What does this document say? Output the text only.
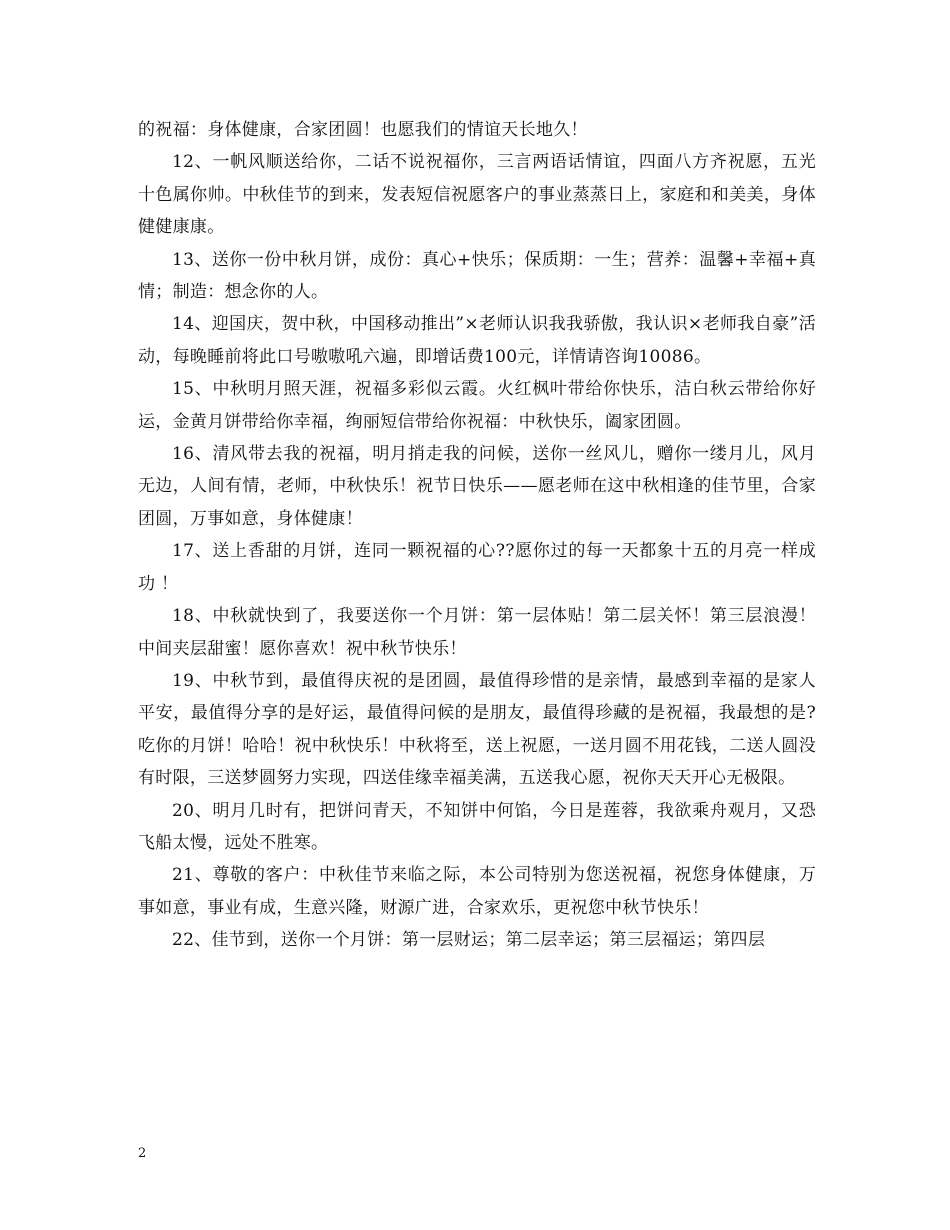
的祝福：身体健康，合家团圆！也愿我们的情谊天长地久！

12、一帆风顺送给你，二话不说祝福你，三言两语话情谊，四面八方齐祝愿，五光十色属你帅。中秋佳节的到来，发表短信祝愿客户的事业蒸蒸日上，家庭和和美美，身体健健康康。

13、送你一份中秋月饼，成份：真心+快乐；保质期：一生；营养：温馨+幸福+真情；制造：想念你的人。

14、迎国庆，贺中秋，中国移动推出”×老师认识我我骄傲，我认识×老师我自豪”活动，每晚睡前将此口号嗷嗷吼六遍，即增话费100元，详情请咨询10086。

15、中秋明月照天涯，祝福多彩似云霞。火红枫叶带给你快乐，洁白秋云带给你好运，金黄月饼带给你幸福，绚丽短信带给你祝福：中秋快乐，阖家团圆。

16、清风带去我的祝福，明月捎走我的问候，送你一丝风儿，赠你一缕月儿，风月无边，人间有情，老师，中秋快乐！祝节日快乐——愿老师在这中秋相逢的佳节里，合家团圆，万事如意，身体健康！

17、送上香甜的月饼，连同一颗祝福的心??愿你过的每一天都象十五的月亮一样成功 ！

18、中秋就快到了，我要送你一个月饼：第一层体贴！第二层关怀！第三层浪漫！中间夹层甜蜜！愿你喜欢！祝中秋节快乐！

19、中秋节到，最值得庆祝的是团圆，最值得珍惜的是亲情，最感到幸福的是家人平安，最值得分享的是好运，最值得问候的是朋友，最值得珍藏的是祝福，我最想的是?吃你的月饼！哈哈！祝中秋快乐！中秋将至，送上祝愿，一送月圆不用花钱，二送人圆没有时限，三送梦圆努力实现，四送佳缘幸福美满，五送我心愿，祝你天天开心无极限。

20、明月几时有，把饼问青天，不知饼中何馅，今日是莲蓉，我欲乘舟观月，又恐飞船太慢，远处不胜寒。

21、尊敬的客户：中秋佳节来临之际，本公司特别为您送祝福，祝您身体健康，万事如意，事业有成，生意兴隆，财源广进，合家欢乐，更祝您中秋节快乐！

22、佳节到，送你一个月饼：第一层财运；第二层幸运；第三层福运；第四层

2
